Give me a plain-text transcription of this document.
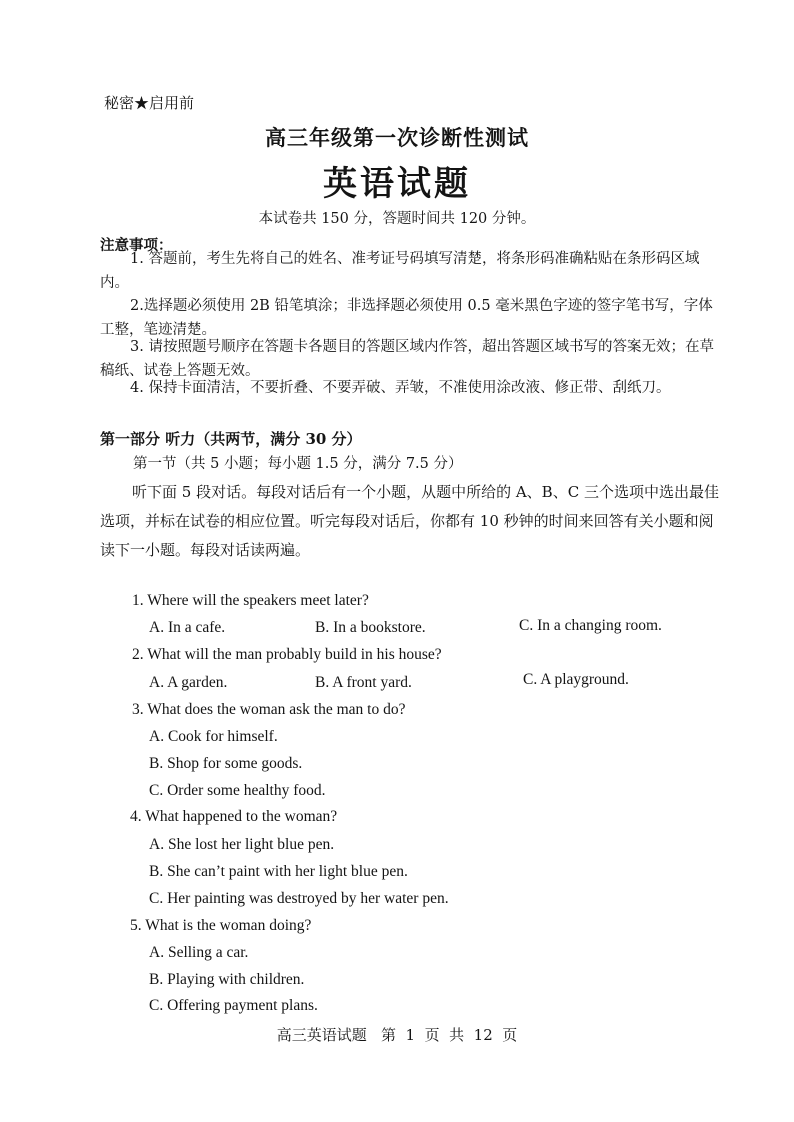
秘密★启用前
高三年级第一次诊断性测试
英语试题
本试卷共 150 分，答题时间共 120 分钟。
注意事项：
1. 答题前，考生先将自己的姓名、准考证号码填写清楚，将条形码准确粘贴在条形码区域内。
2.选择题必须使用 2B 铅笔填涂；非选择题必须使用 0.5 毫米黑色字迹的签字笔书写，字体工整，笔迹清楚。
3. 请按照题号顺序在答题卡各题目的答题区域内作答，超出答题区域书写的答案无效；在草稿纸、试卷上答题无效。
4. 保持卡面清洁，不要折叠、不要弄破、弄皱，不准使用涂改液、修正带、刮纸刀。
第一部分 听力（共两节，满分 30 分）
第一节（共 5 小题；每小题 1.5 分，满分 7.5 分）
听下面 5 段对话。每段对话后有一个小题，从题中所给的 A、B、C 三个选项中选出最佳选项，并标在试卷的相应位置。听完每段对话后，你都有 10 秒钟的时间来回答有关小题和阅读下一小题。每段对话读两遍。
1. Where will the speakers meet later?
A. In a cafe.	B. In a bookstore.	C. In a changing room.
2. What will the man probably build in his house?
A. A garden.	B. A front yard.	C. A playground.
3. What does the woman ask the man to do?
A. Cook for himself.
B. Shop for some goods.
C. Order some healthy food.
4. What happened to the woman?
A. She lost her light blue pen.
B. She can’t paint with her light blue pen.
C. Her painting was destroyed by her water pen.
5. What is the woman doing?
A. Selling a car.
B. Playing with children.
C. Offering payment plans.
高三英语试题   第  1  页  共  12  页
